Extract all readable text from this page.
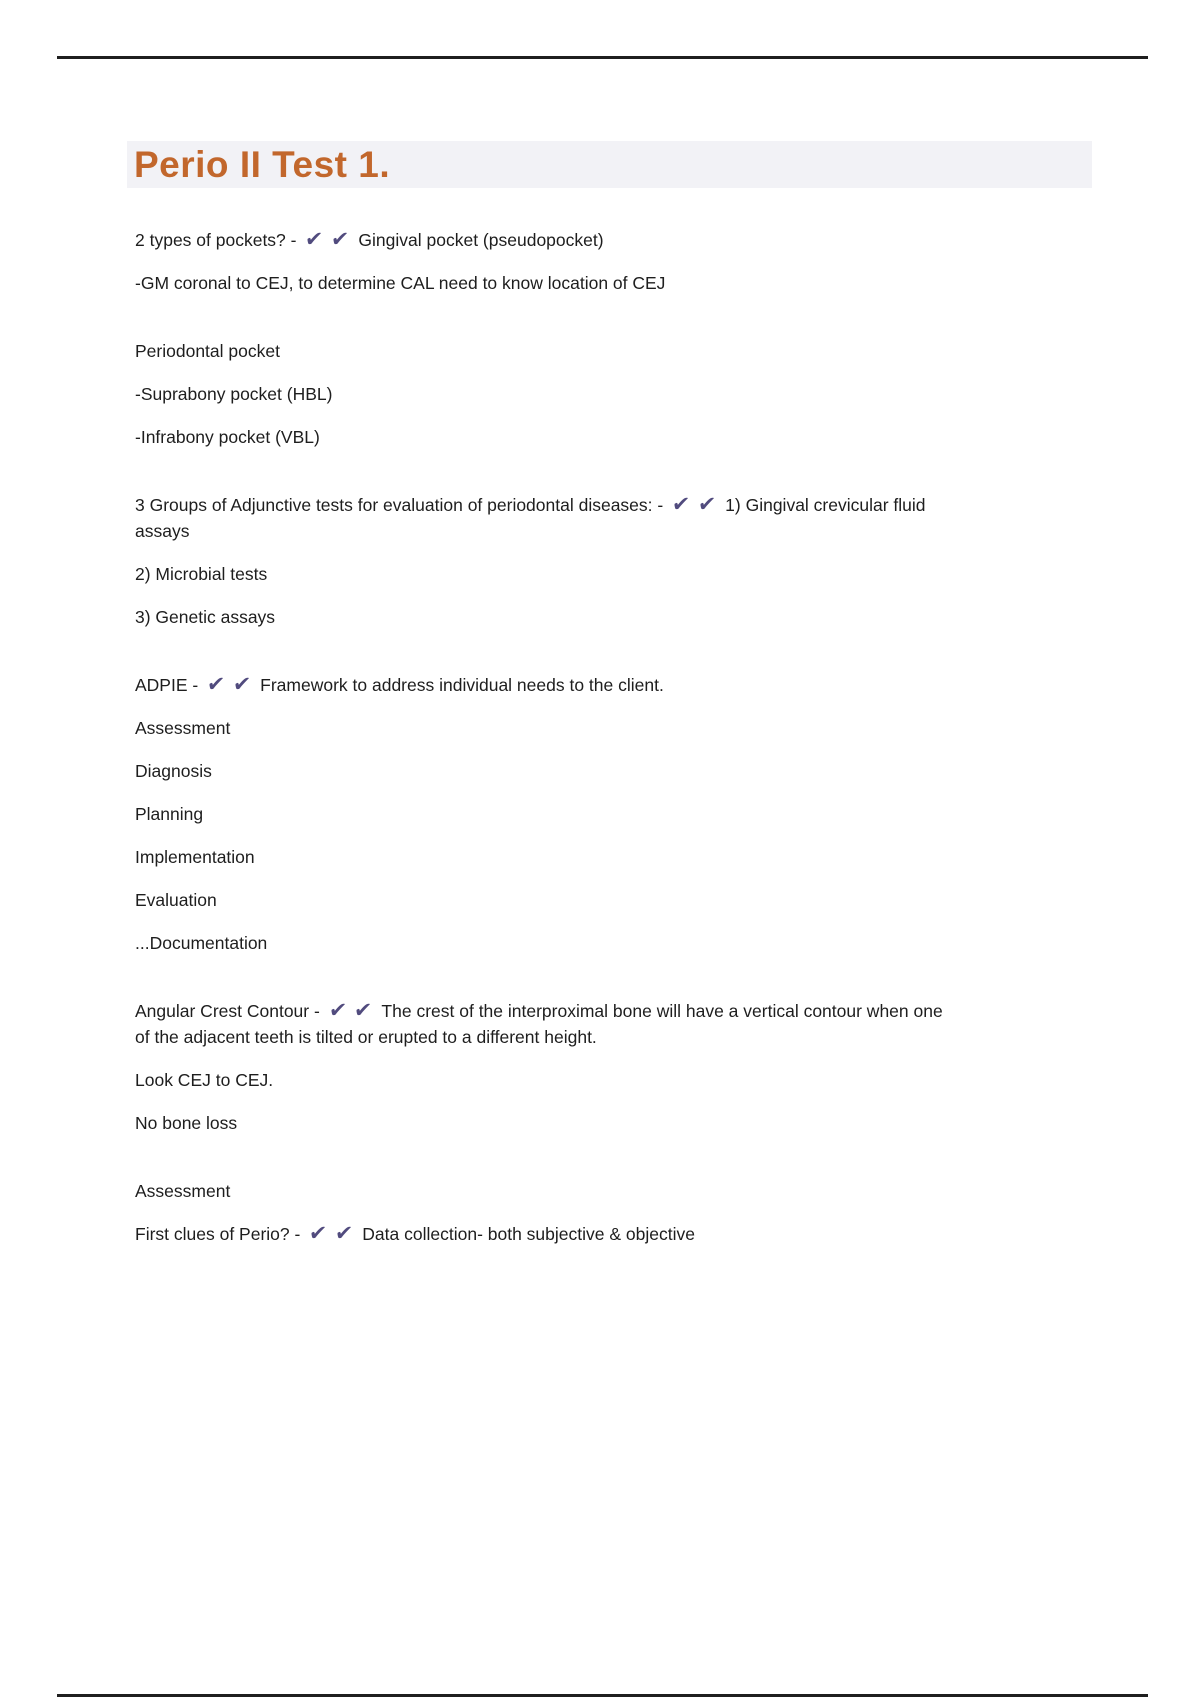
Perio II Test 1.

2 types of pockets? - ✔ ✔ Gingival pocket (pseudopocket)

-GM coronal to CEJ, to determine CAL need to know location of CEJ

Periodontal pocket

-Suprabony pocket (HBL)

-Infrabony pocket (VBL)

3 Groups of Adjunctive tests for evaluation of periodontal diseases: - ✔ ✔ 1) Gingival crevicular fluid
assays

2) Microbial tests

3) Genetic assays

ADPIE - ✔ ✔ Framework to address individual needs to the client.

Assessment

Diagnosis

Planning

Implementation

Evaluation

...Documentation

Angular Crest Contour - ✔ ✔ The crest of the interproximal bone will have a vertical contour when one
of the adjacent teeth is tilted or erupted to a different height.

Look CEJ to CEJ.

No bone loss

Assessment

First clues of Perio? - ✔ ✔ Data collection- both subjective & objective
